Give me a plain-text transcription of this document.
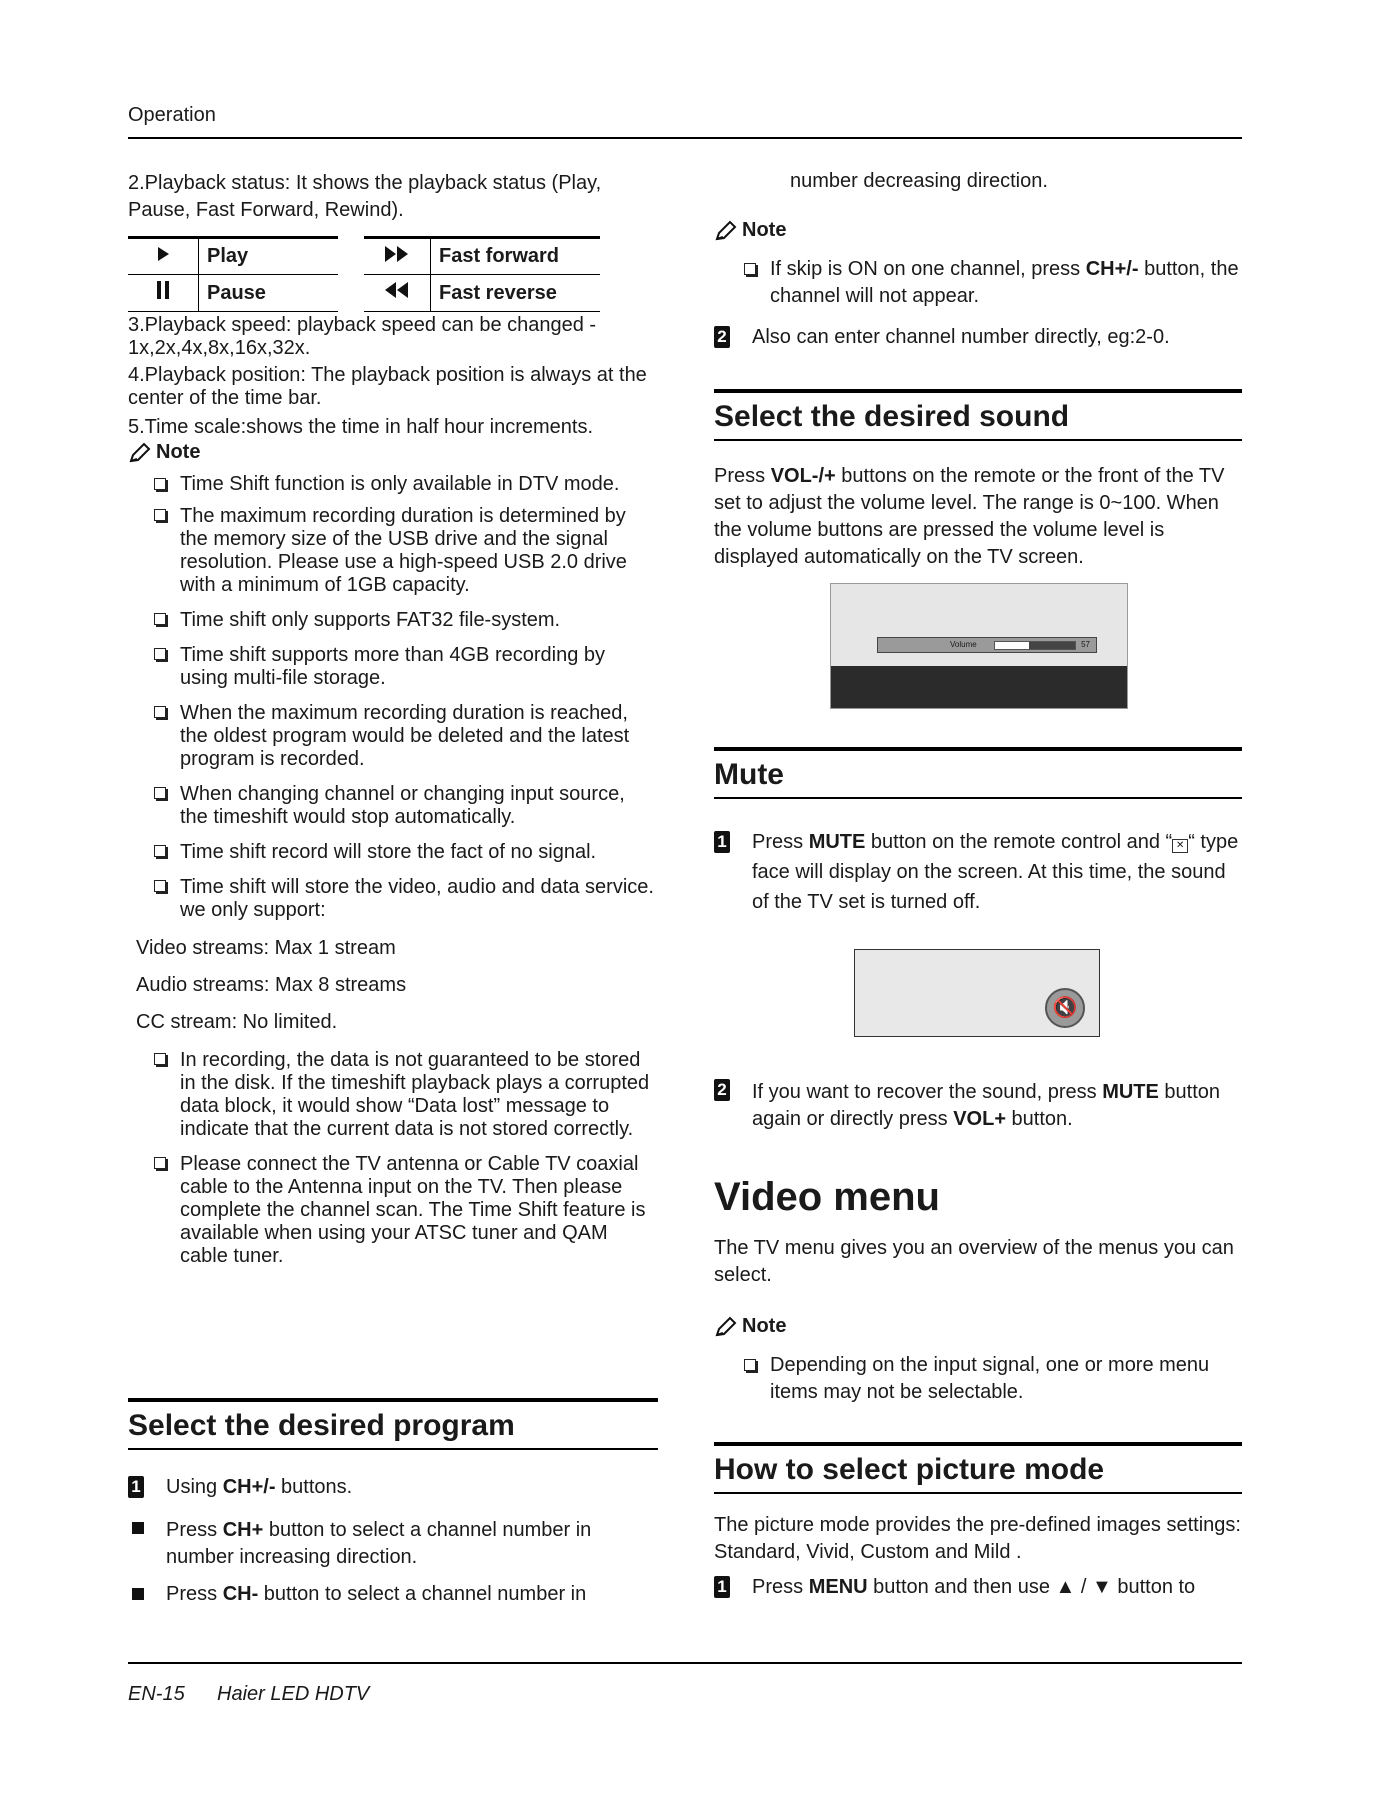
Operation

2.Playback status: It shows the playback status (Play, Pause, Fast Forward, Rewind).

	Play			Fast forward
	Pause			Fast reverse

3.Playback speed: playback speed can be changed - 1x,2x,4x,8x,16x,32x.

4.Playback position: The playback position is always at the center of the time bar.

5.Time scale:shows the time in half hour increments.

Note
Time Shift function is only available in DTV mode.
The maximum recording duration is determined by the memory size of the USB drive and the signal resolution. Please use a high-speed USB 2.0 drive with a minimum of 1GB capacity.
Time shift only supports FAT32 file-system.
Time shift supports more than 4GB recording by using multi-file storage.
When the maximum recording duration is reached, the oldest program would be deleted and the latest program is recorded.
When changing channel or changing input source, the timeshift would stop automatically.
Time shift record will store the fact of no signal.
Time shift will store the video, audio and data service. we only support:
Video streams: Max 1 stream
Audio streams: Max 8 streams
CC stream: No limited.
In recording, the data is not guaranteed to be stored in the disk. If the timeshift playback plays a corrupted data block, it would show “Data lost” message to indicate that the current data is not stored correctly.
Please connect the TV antenna or Cable TV coaxial cable to the Antenna input on the TV. Then please complete the channel scan. The Time Shift feature is available when using your ATSC tuner and QAM cable tuner.
Select the desired program
1 Using CH+/- buttons.
Press CH+ button to select a channel number in number increasing direction.
Press CH- button to select a channel number in
number decreasing direction.
Note
If skip is ON on one channel, press CH+/- button, the channel will not appear.
2 Also can enter channel number directly, eg:2-0.
Select the desired sound

Press VOL-/+ buttons on the remote or the front of the TV set to adjust the volume level. The range is 0~100. When the volume buttons are pressed the volume level is displayed automatically on the TV screen.

Volume	57
Mute
1 Press MUTE button on the remote control and “ ✕ “ type face will display on the screen. At this time, the sound of the TV set is turned off.
🔇
2 If you want to recover the sound, press MUTE button again or directly press VOL+ button.
Video menu

The TV menu gives you an overview of the menus you can select.

Note
Depending on the input signal, one or more menu items may not be selectable.
How to select picture mode

The picture mode provides the pre-defined images settings: Standard, Vivid, Custom and Mild .

1 Press MENU button and then use ▲ / ▼ button to
EN-15 Haier LED HDTV
